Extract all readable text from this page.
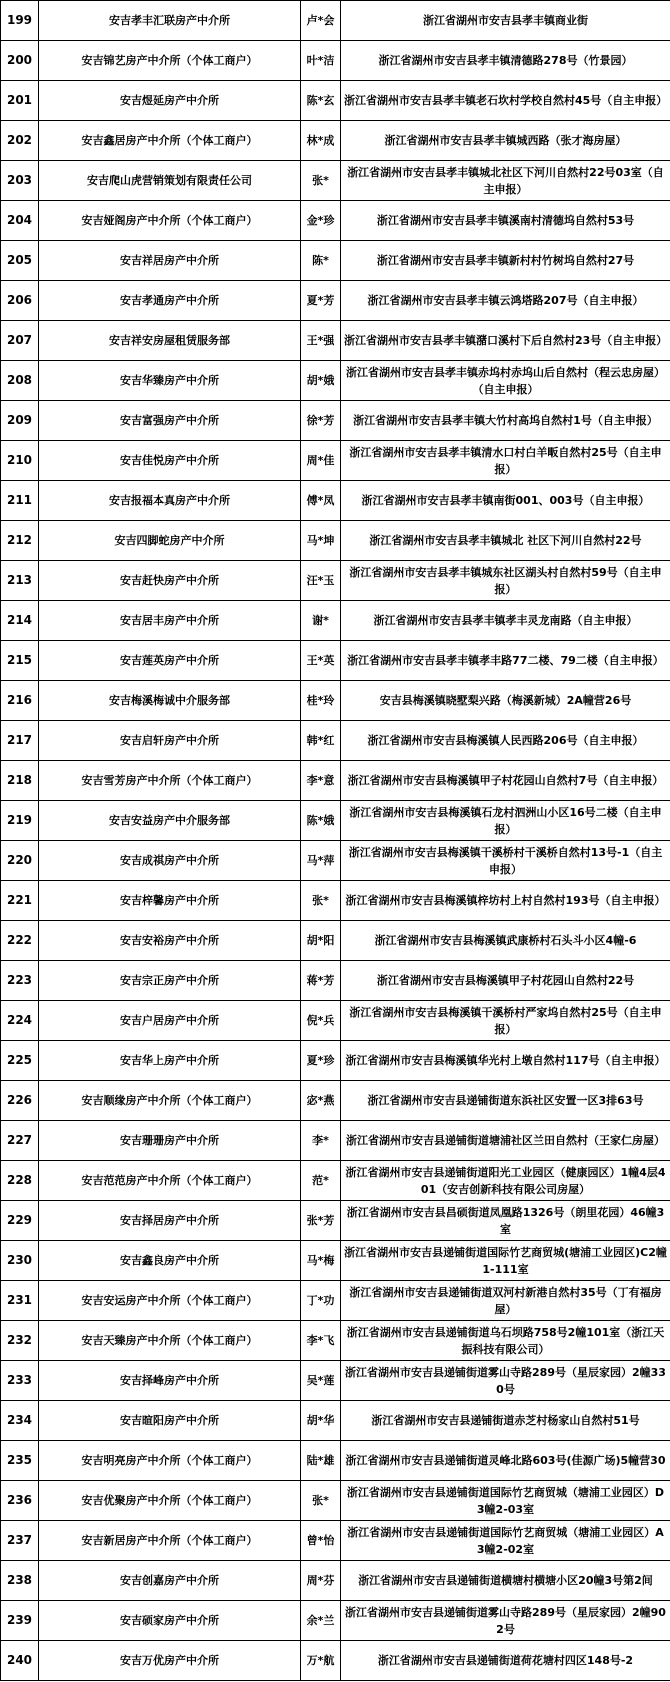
199	安吉孝丰汇联房产中介所	卢*会	浙江省湖州市安吉县孝丰镇商业街
200	安吉锦艺房产中介所（个体工商户）	叶*洁	浙江省湖州市安吉县孝丰镇清德路278号（竹景园）
201	安吉煜延房产中介所	陈*玄	浙江省湖州市安吉县孝丰镇老石坎村学校自然村45号（自主申报）
202	安吉鑫居房产中介所（个体工商户）	林*成	浙江省湖州市安吉县孝丰镇城西路（张才海房屋）
203	安吉爬山虎营销策划有限责任公司	张*	浙江省湖州市安吉县孝丰镇城北社区下河川自然村22号03室（自主申报）
204	安吉娅阁房产中介所（个体工商户）	金*珍	浙江省湖州市安吉县孝丰镇溪南村清德坞自然村53号
205	安吉祥居房产中介所	陈*	浙江省湖州市安吉县孝丰镇新村村竹树坞自然村27号
206	安吉孝通房产中介所	夏*芳	浙江省湖州市安吉县孝丰镇云鸿塔路207号（自主申报）
207	安吉祥安房屋租赁服务部	王*强	浙江省湖州市安吉县孝丰镇潴口溪村下后自然村23号（自主申报）
208	安吉华臻房产中介所	胡*娥	浙江省湖州市安吉县孝丰镇赤坞村赤坞山后自然村（程云忠房屋）（自主申报）
209	安吉富强房产中介所	徐*芳	浙江省湖州市安吉县孝丰镇大竹村高坞自然村1号（自主申报）
210	安吉佳悦房产中介所	周*佳	浙江省湖州市安吉县孝丰镇清水口村白羊畈自然村25号（自主申报）
211	安吉报福本真房产中介所	傅*凤	浙江省湖州市安吉县孝丰镇南街001、003号（自主申报）
212	安吉四脚蛇房产中介所	马*坤	浙江省湖州市安吉县孝丰镇城北 社区下河川自然村22号
213	安吉赶快房产中介所	汪*玉	浙江省湖州市安吉县孝丰镇城东社区湖头村自然村59号（自主申报）
214	安吉居丰房产中介所	谢*	浙江省湖州市安吉县孝丰镇孝丰灵龙南路（自主申报）
215	安吉莲英房产中介所	王*英	浙江省湖州市安吉县孝丰镇孝丰路77二楼、79二楼（自主申报）
216	安吉梅溪梅诚中介服务部	桂*玲	安吉县梅溪镇晓墅梨兴路（梅溪新城）2A幢营26号
217	安吉启轩房产中介所	韩*红	浙江省湖州市安吉县梅溪镇人民西路206号（自主申报）
218	安吉雪芳房产中介所（个体工商户）	李*意	浙江省湖州市安吉县梅溪镇甲子村花园山自然村7号（自主申报）
219	安吉安益房产中介服务部	陈*娥	浙江省湖州市安吉县梅溪镇石龙村泗洲山小区16号二楼（自主申报）
220	安吉成祺房产中介所	马*萍	浙江省湖州市安吉县梅溪镇干溪桥村干溪桥自然村13号-1（自主申报）
221	安吉梓馨房产中介所	张*	浙江省湖州市安吉县梅溪镇梓坊村上村自然村193号（自主申报）
222	安吉安裕房产中介所	胡*阳	浙江省湖州市安吉县梅溪镇武康桥村石头斗小区4幢-6
223	安吉宗正房产中介所	蒋*芳	浙江省湖州市安吉县梅溪镇甲子村花园山自然村22号
224	安吉户居房产中介所	倪*兵	浙江省湖州市安吉县梅溪镇干溪桥村严家坞自然村25号（自主申报）
225	安吉华上房产中介所	夏*珍	浙江省湖州市安吉县梅溪镇华光村上墩自然村117号（自主申报）
226	安吉顺缘房产中介所（个体工商户）	宓*燕	浙江省湖州市安吉县递铺街道东浜社区安置一区3排63号
227	安吉珊珊房产中介所	李*	浙江省湖州市安吉县递铺街道塘浦社区兰田自然村（王家仁房屋）
228	安吉范范房产中介所（个体工商户）	范*	浙江省湖州市安吉县递铺街道阳光工业园区（健康园区）1幢4层401（安吉创新科技有限公司房屋）
229	安吉择居房产中介所	张*芳	浙江省湖州市安吉县昌硕街道凤凰路1326号（朗里花园）46幢3室
230	安吉鑫良房产中介所	马*梅	浙江省湖州市安吉县递铺街道国际竹艺商贸城(塘浦工业园区)C2幢1-111室
231	安吉安运房产中介所（个体工商户）	丁*功	浙江省湖州市安吉县递铺街道双河村新港自然村35号（丁有福房屋）
232	安吉天臻房产中介所（个体工商户）	李*飞	浙江省湖州市安吉县递铺街道乌石坝路758号2幢101室（浙江天振科技有限公司）
233	安吉择峰房产中介所	吴*莲	浙江省湖州市安吉县递铺街道雾山寺路289号（星辰家园）2幢330号
234	安吉暄阳房产中介所	胡*华	浙江省湖州市安吉县递铺街道赤芝村杨家山自然村51号
235	安吉明亮房产中介所（个体工商户）	陆*雄	浙江省湖州市安吉县递铺街道灵峰北路603号(佳源广场)5幢营30
236	安吉优聚房产中介所（个体工商户）	张*	浙江省湖州市安吉县递铺街道国际竹艺商贸城（塘浦工业园区）D3幢2-03室
237	安吉新居房产中介所（个体工商户）	曾*怡	浙江省湖州市安吉县递铺街道国际竹艺商贸城（塘浦工业园区）A3幢2-02室
238	安吉创嘉房产中介所	周*芬	浙江省湖州市安吉县递铺街道横塘村横塘小区20幢3号第2间
239	安吉硕家房产中介所	余*兰	浙江省湖州市安吉县递铺街道雾山寺路289号（星辰家园）2幢902号
240	安吉万优房产中介所	万*航	浙江省湖州市安吉县递铺街道荷花塘村四区148号-2
